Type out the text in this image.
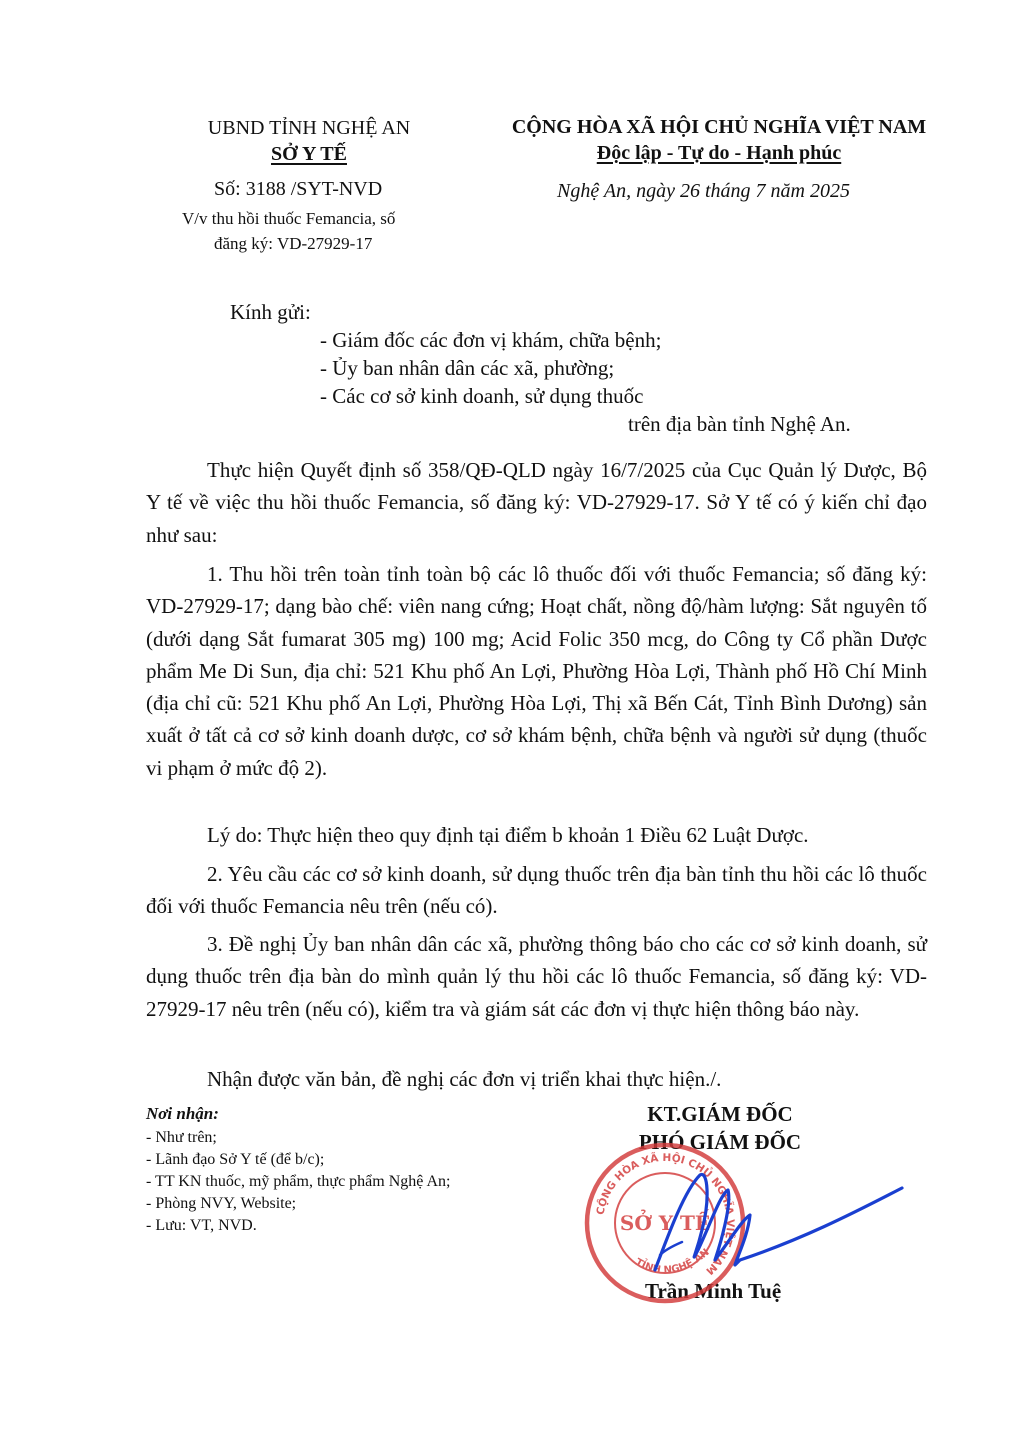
UBND TỈNH NGHỆ AN
SỞ Y TẾ
Số: 3188 /SYT-NVD
V/v thu hồi thuốc Femancia, số
đăng ký: VD-27929-17
CỘNG HÒA XÃ HỘI CHỦ NGHĨA VIỆT NAM
Độc lập - Tự do - Hạnh phúc
Nghệ An, ngày 26 tháng 7 năm 2025
Kính gửi:
- Giám đốc các đơn vị khám, chữa bệnh;
- Ủy ban nhân dân các xã, phường;
- Các cơ sở kinh doanh, sử dụng thuốc
trên địa bàn tỉnh Nghệ An.
Thực hiện Quyết định số 358/QĐ-QLD ngày 16/7/2025 của Cục Quản lý Dược, Bộ Y tế về việc thu hồi thuốc Femancia, số đăng ký: VD-27929-17. Sở Y tế có ý kiến chỉ đạo như sau:
1. Thu hồi trên toàn tỉnh toàn bộ các lô thuốc đối với thuốc Femancia; số đăng ký: VD-27929-17; dạng bào chế: viên nang cứng; Hoạt chất, nồng độ/hàm lượng: Sắt nguyên tố (dưới dạng Sắt fumarat 305 mg) 100 mg; Acid Folic 350 mcg, do Công ty Cổ phần Dược phẩm Me Di Sun, địa chỉ: 521 Khu phố An Lợi, Phường Hòa Lợi, Thành phố Hồ Chí Minh (địa chỉ cũ: 521 Khu phố An Lợi, Phường Hòa Lợi, Thị xã Bến Cát, Tỉnh Bình Dương) sản xuất ở tất cả cơ sở kinh doanh dược, cơ sở khám bệnh, chữa bệnh và người sử dụng (thuốc vi phạm ở mức độ 2).
Lý do: Thực hiện theo quy định tại điểm b khoản 1 Điều 62 Luật Dược.
2. Yêu cầu các cơ sở kinh doanh, sử dụng thuốc trên địa bàn tỉnh thu hồi các lô thuốc đối với thuốc Femancia nêu trên (nếu có).
3. Đề nghị Ủy ban nhân dân các xã, phường thông báo cho các cơ sở kinh doanh, sử dụng thuốc trên địa bàn do mình quản lý thu hồi các lô thuốc Femancia, số đăng ký: VD-27929-17 nêu trên (nếu có), kiểm tra và giám sát các đơn vị thực hiện thông báo này.
Nhận được văn bản, đề nghị các đơn vị triển khai thực hiện./.
Nơi nhận:
- Như trên;
- Lãnh đạo Sở Y tế (để b/c);
- TT KN thuốc, mỹ phẩm, thực phẩm Nghệ An;
- Phòng NVY, Website;
- Lưu: VT, NVD.
KT.GIÁM ĐỐC
PHÓ GIÁM ĐỐC
Trần Minh Tuệ
CỘNG HÒA XÃ HỘI CHỦ NGHĨA VIỆT NAM
SỞ Y TẾ
TỈNH NGHỆ AN
